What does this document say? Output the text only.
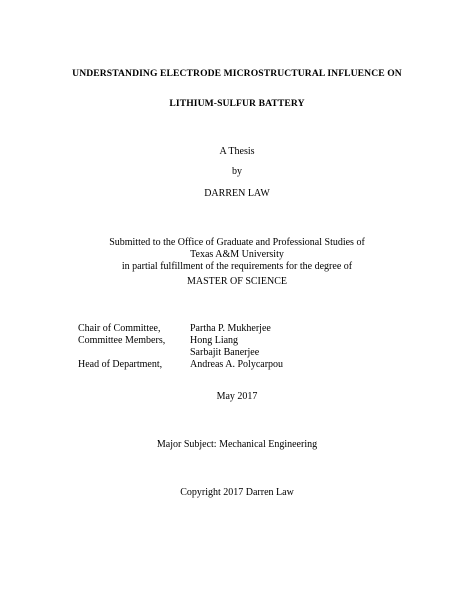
UNDERSTANDING ELECTRODE MICROSTRUCTURAL INFLUENCE ON
LITHIUM-SULFUR BATTERY
A Thesis
by
DARREN LAW
Submitted to the Office of Graduate and Professional Studies of
Texas A&M University
in partial fulfillment of the requirements for the degree of
MASTER OF SCIENCE
Chair of Committee,	Partha P. Mukherjee
Committee Members, Hong Liang
Sarbajit Banerjee
Head of Department,	Andreas A. Polycarpou
May 2017
Major Subject: Mechanical Engineering
Copyright 2017 Darren Law
